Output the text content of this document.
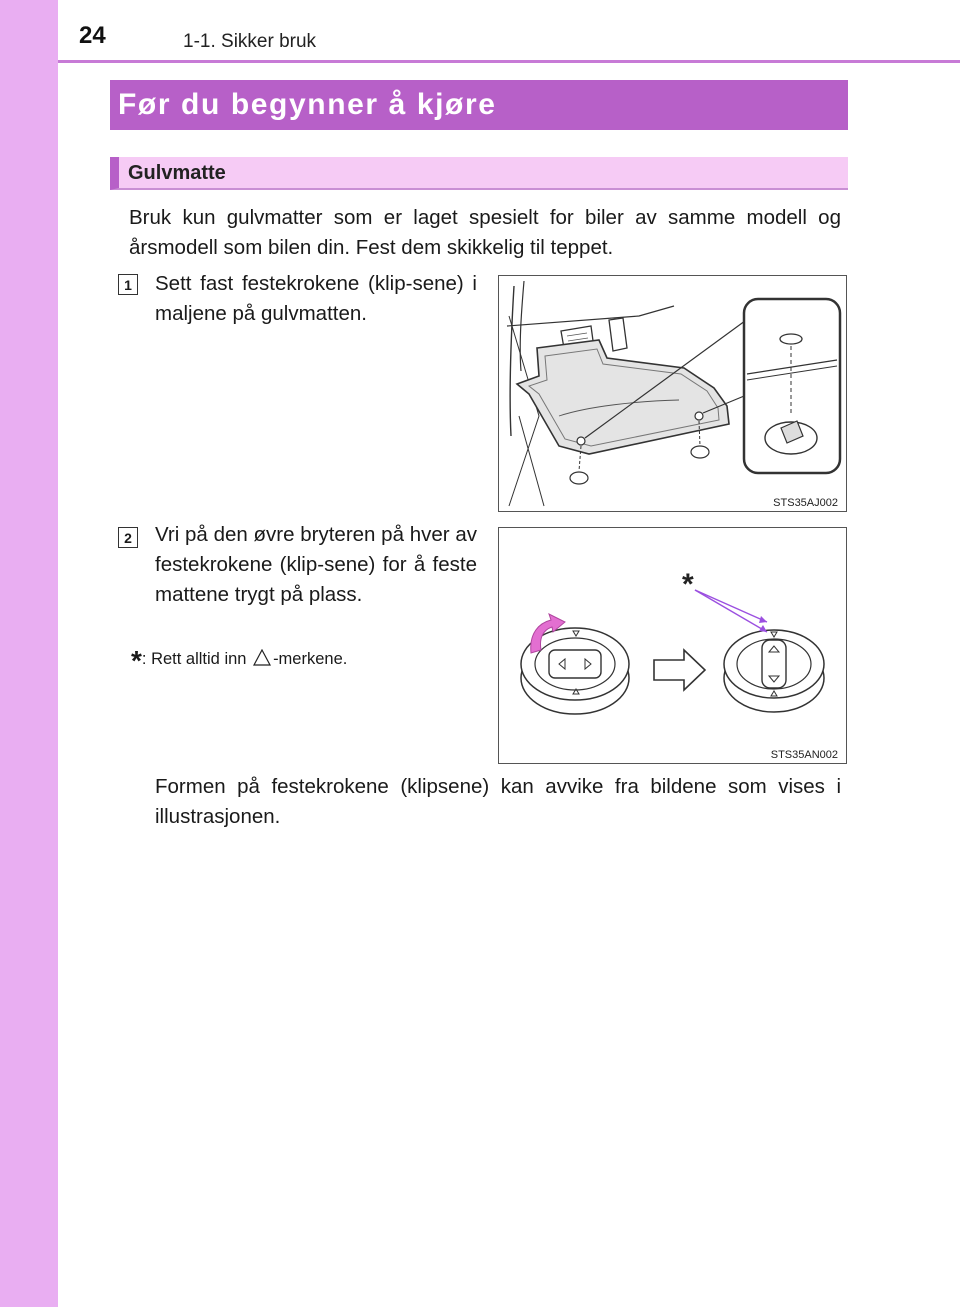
24	1-1. Sikker bruk
Før du begynner å kjøre
Gulvmatte

Bruk kun gulvmatter som er laget spesielt for biler av samme modell og årsmodell som bilen din. Fest dem skikkelig til teppet.

1 Sett fast festekrokene (klip-sene) i maljene på gulvmatten.

STS35AJ002
2 Vri på den øvre bryteren på hver av festekrokene (klip-sene) for å feste mattene trygt på plass.

*: Rett alltid inn -merkene.
*
STS35AN002

Formen på festekrokene (klipsene) kan avvike fra bildene som vises i illustrasjonen.
